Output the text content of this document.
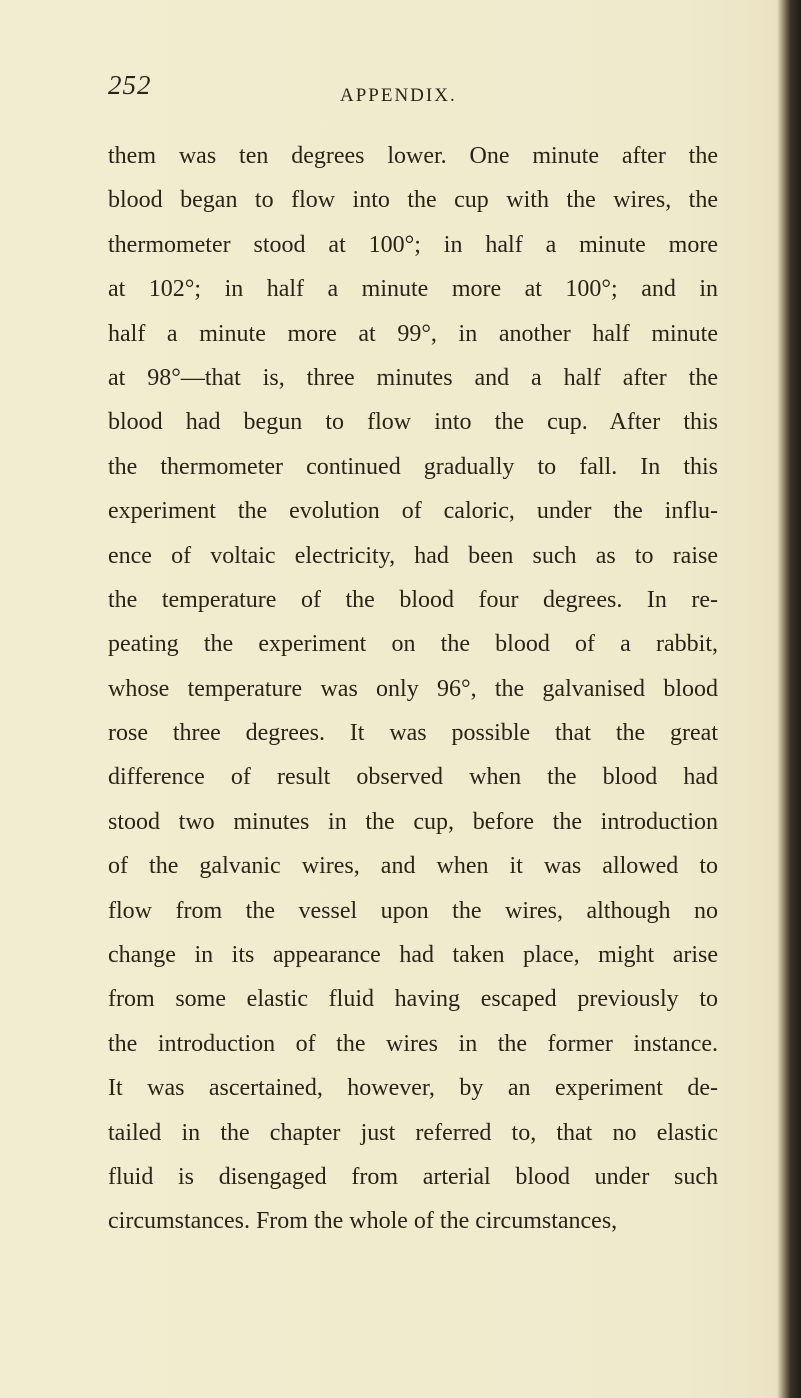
252	APPENDIX.
them was ten degrees lower. One minute after the
blood began to flow into the cup with the wires, the
thermometer stood at 100°; in half a minute more
at 102°; in half a minute more at 100°; and in
half a minute more at 99°, in another half minute
at 98°—that is, three minutes and a half after the
blood had begun to flow into the cup. After this
the thermometer continued gradually to fall. In this
experiment the evolution of caloric, under the influ-
ence of voltaic electricity, had been such as to raise
the temperature of the blood four degrees. In re-
peating the experiment on the blood of a rabbit,
whose temperature was only 96°, the galvanised blood
rose three degrees. It was possible that the great
difference of result observed when the blood had
stood two minutes in the cup, before the introduction
of the galvanic wires, and when it was allowed to
flow from the vessel upon the wires, although no
change in its appearance had taken place, might arise
from some elastic fluid having escaped previously to
the introduction of the wires in the former instance.
It was ascertained, however, by an experiment de-
tailed in the chapter just referred to, that no elastic
fluid is disengaged from arterial blood under such
circumstances. From the whole of the circumstances,
